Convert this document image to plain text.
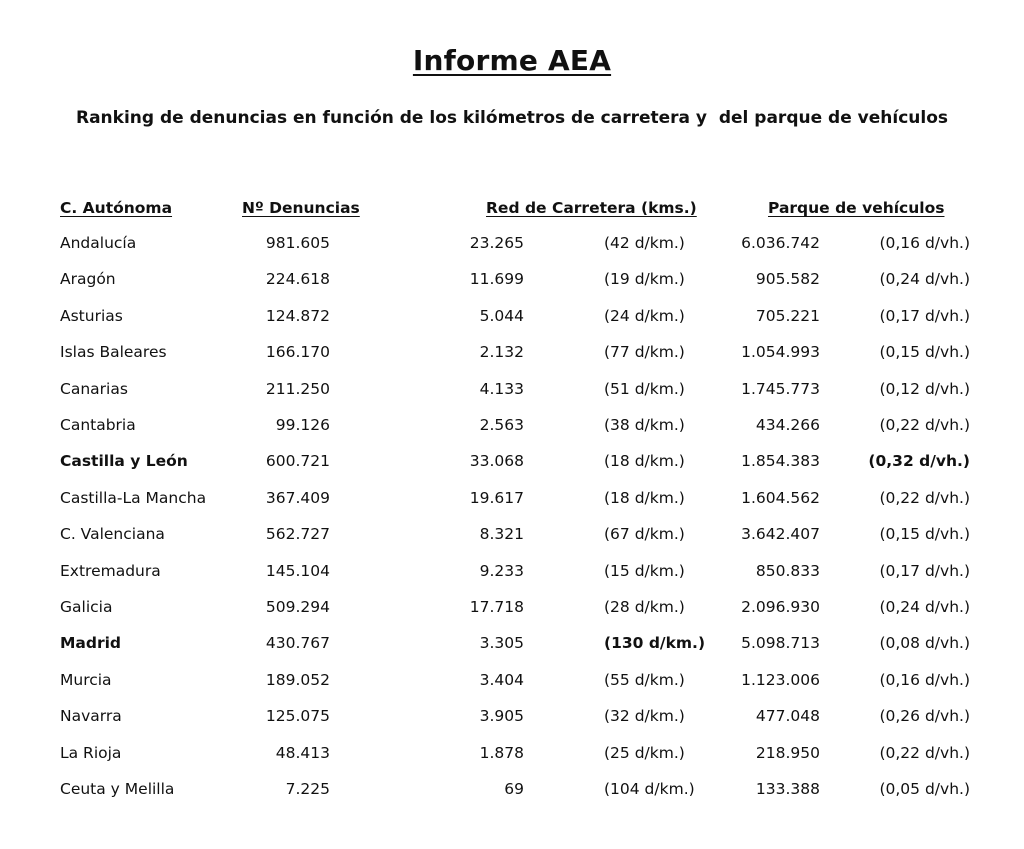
Informe AEA
Ranking de denuncias en función de los kilómetros de carretera y  del parque de vehículos
C. Autónoma	Nº Denuncias	Red de Carretera (kms.)	Parque de vehículos
Andalucía	981.605	23.265	(42 d/km.)	6.036.742	(0,16 d/vh.)
Aragón	224.618	11.699	(19 d/km.)	905.582	(0,24 d/vh.)
Asturias	124.872	5.044	(24 d/km.)	705.221	(0,17 d/vh.)
Islas Baleares	166.170	2.132	(77 d/km.)	1.054.993	(0,15 d/vh.)
Canarias	211.250	4.133	(51 d/km.)	1.745.773	(0,12 d/vh.)
Cantabria	99.126	2.563	(38 d/km.)	434.266	(0,22 d/vh.)
Castilla y León	600.721	33.068	(18 d/km.)	1.854.383	(0,32 d/vh.)
Castilla-La Mancha	367.409	19.617	(18 d/km.)	1.604.562	(0,22 d/vh.)
C. Valenciana	562.727	8.321	(67 d/km.)	3.642.407	(0,15 d/vh.)
Extremadura	145.104	9.233	(15 d/km.)	850.833	(0,17 d/vh.)
Galicia	509.294	17.718	(28 d/km.)	2.096.930	(0,24 d/vh.)
Madrid	430.767	3.305	(130 d/km.) 5.098.713	(0,08 d/vh.)
Murcia	189.052	3.404	(55 d/km.)	1.123.006	(0,16 d/vh.)
Navarra	125.075	3.905	(32 d/km.)	477.048	(0,26 d/vh.)
La Rioja	48.413	1.878	(25 d/km.)	218.950	(0,22 d/vh.)
Ceuta y Melilla	7.225	69	(104 d/km.)	133.388	(0,05 d/vh.)
